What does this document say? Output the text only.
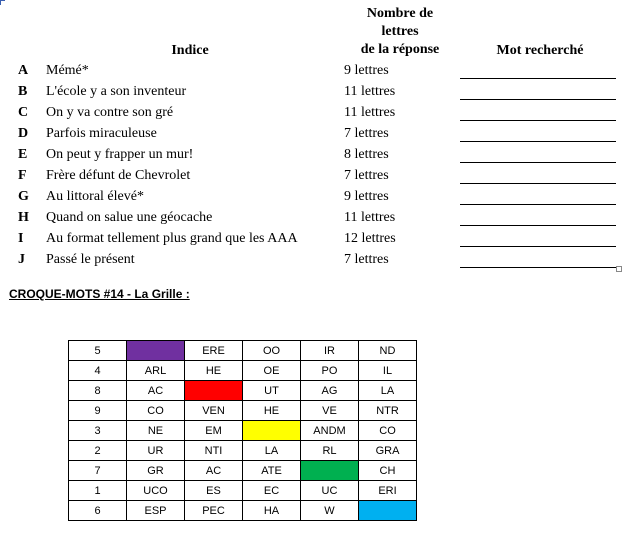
Nombre de
lettres
de la réponse
Indice	Mot recherché
A Mémé*	9 lettres
B L'école y a son inventeur	11 lettres
C On y va contre son gré	11 lettres
D Parfois miraculeuse	7 lettres
E On peut y frapper un mur!	8 lettres
F Frère défunt de Chevrolet	7 lettres
G Au littoral élevé*	9 lettres
H Quand on salue une géocache	11 lettres
I Au format tellement plus grand que les AAA	12 lettres
J Passé le présent	7 lettres
CROQUE-MOTS #14 - La Grille :
5		ERE	OO	IR	ND
4	ARL	HE	OE	PO	IL
8	AC		UT	AG	LA
9	CO	VEN	HE	VE	NTR
3	NE	EM		ANDM	CO
2	UR	NTI	LA	RL	GRA
7	GR	AC	ATE		CH
1	UCO	ES	EC	UC	ERI
6	ESP	PEC	HA	W	
